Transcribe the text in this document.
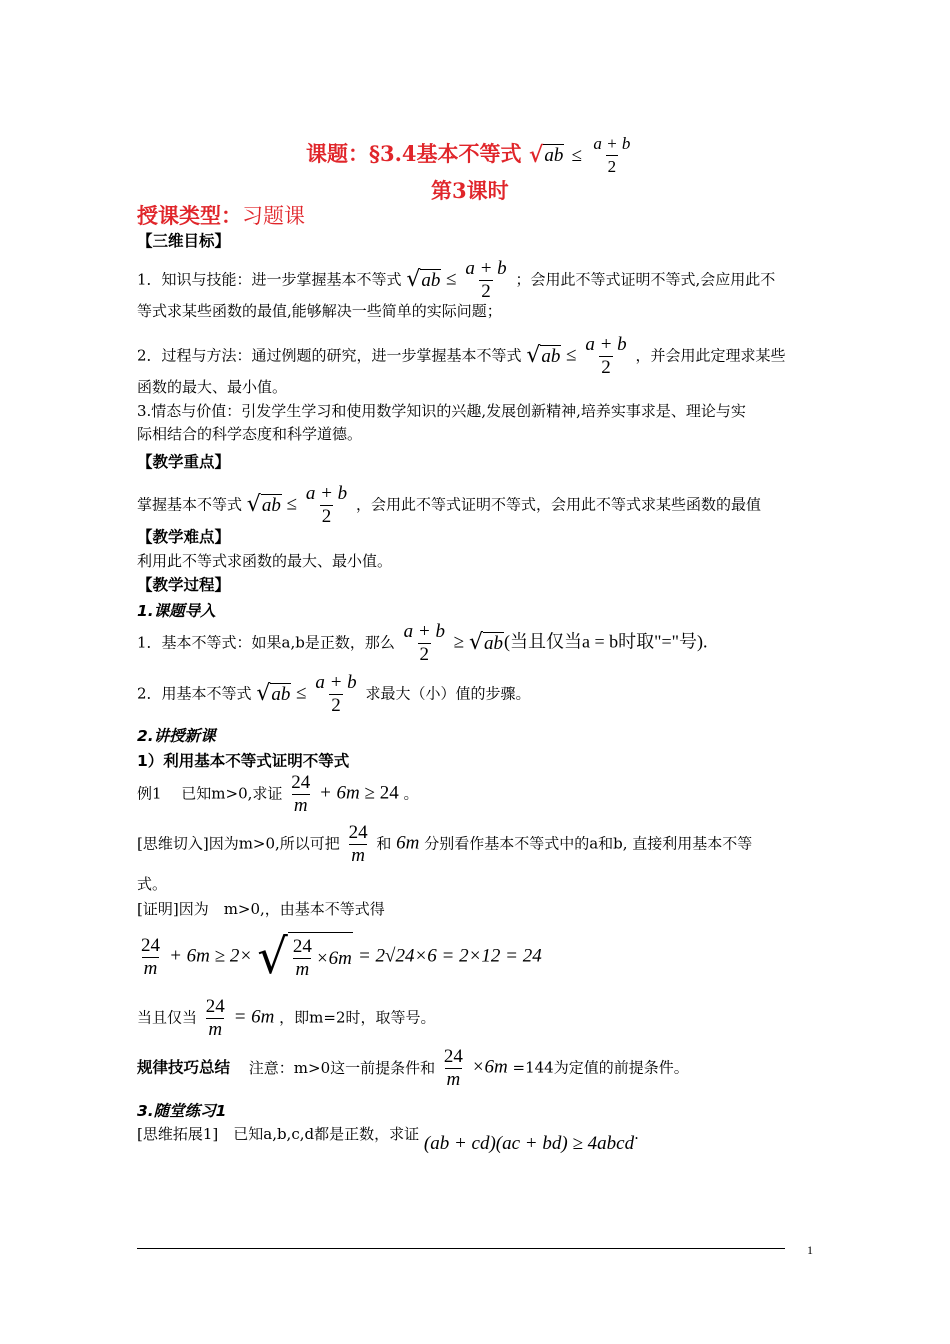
课题：§3.4基本不等式 √ ab ≤ $\frac{a + b}{2}$
第3课时
授课类型：习题课
【三维目标】
1．知识与技能：进一步掌握基本不等式 √ ab ≤ $\frac{a + b}{2}$ ；会用此不等式证明不等式,会应用此不
等式求某些函数的最值,能够解决一些简单的实际问题；
2．过程与方法：通过例题的研究，进一步掌握基本不等式 √ ab ≤ $\frac{a + b}{2}$ ，并会用此定理求某些
函数的最大、最小值。
3.情态与价值：引发学生学习和使用数学知识的兴趣,发展创新精神,培养实事求是、理论与实
际相结合的科学态度和科学道德。
【教学重点】
掌握基本不等式 √ ab ≤ $\frac{a + b}{2}$ ，会用此不等式证明不等式，会用此不等式求某些函数的最值
【教学难点】
利用此不等式求函数的最大、最小值。
【教学过程】
1.课题导入
1．基本不等式：如果a,b是正数，那么 $\frac{a + b}{2}$ ≥ √ ab (当且仅当a = b时取"="号).
2．用基本不等式 √ ab ≤ $\frac{a + b}{2}$ 求最大（小）值的步骤。
2.讲授新课
1）利用基本不等式证明不等式
例1　 已知m>0,求证 $\frac{24}{m} + 6m \ge 24$ 。
[思维切入]因为m>0,所以可把 $\frac{24}{m}$ 和 6m 分别看作基本不等式中的a和b, 直接利用基本不等
式。
[证明]因为　m>0,，由基本不等式得
$\frac{24}{m} + 6m \ge 2\times$ √ $\frac{24}{m} \times 6m = 2√24\times 6 = 2\times 12 = 24$
当且仅当 $\frac{24}{m} = 6m$ ，即m=2时，取等号。
规律技巧总结 注意：m>0这一前提条件和 $\frac{24}{m} \times 6m =144$为定值的前提条件。
3.随堂练习1
[思维拓展1]　已知a,b,c,d都是正数，求证 (ab + cd)(ac + bd) ≥ 4abcd.
1
